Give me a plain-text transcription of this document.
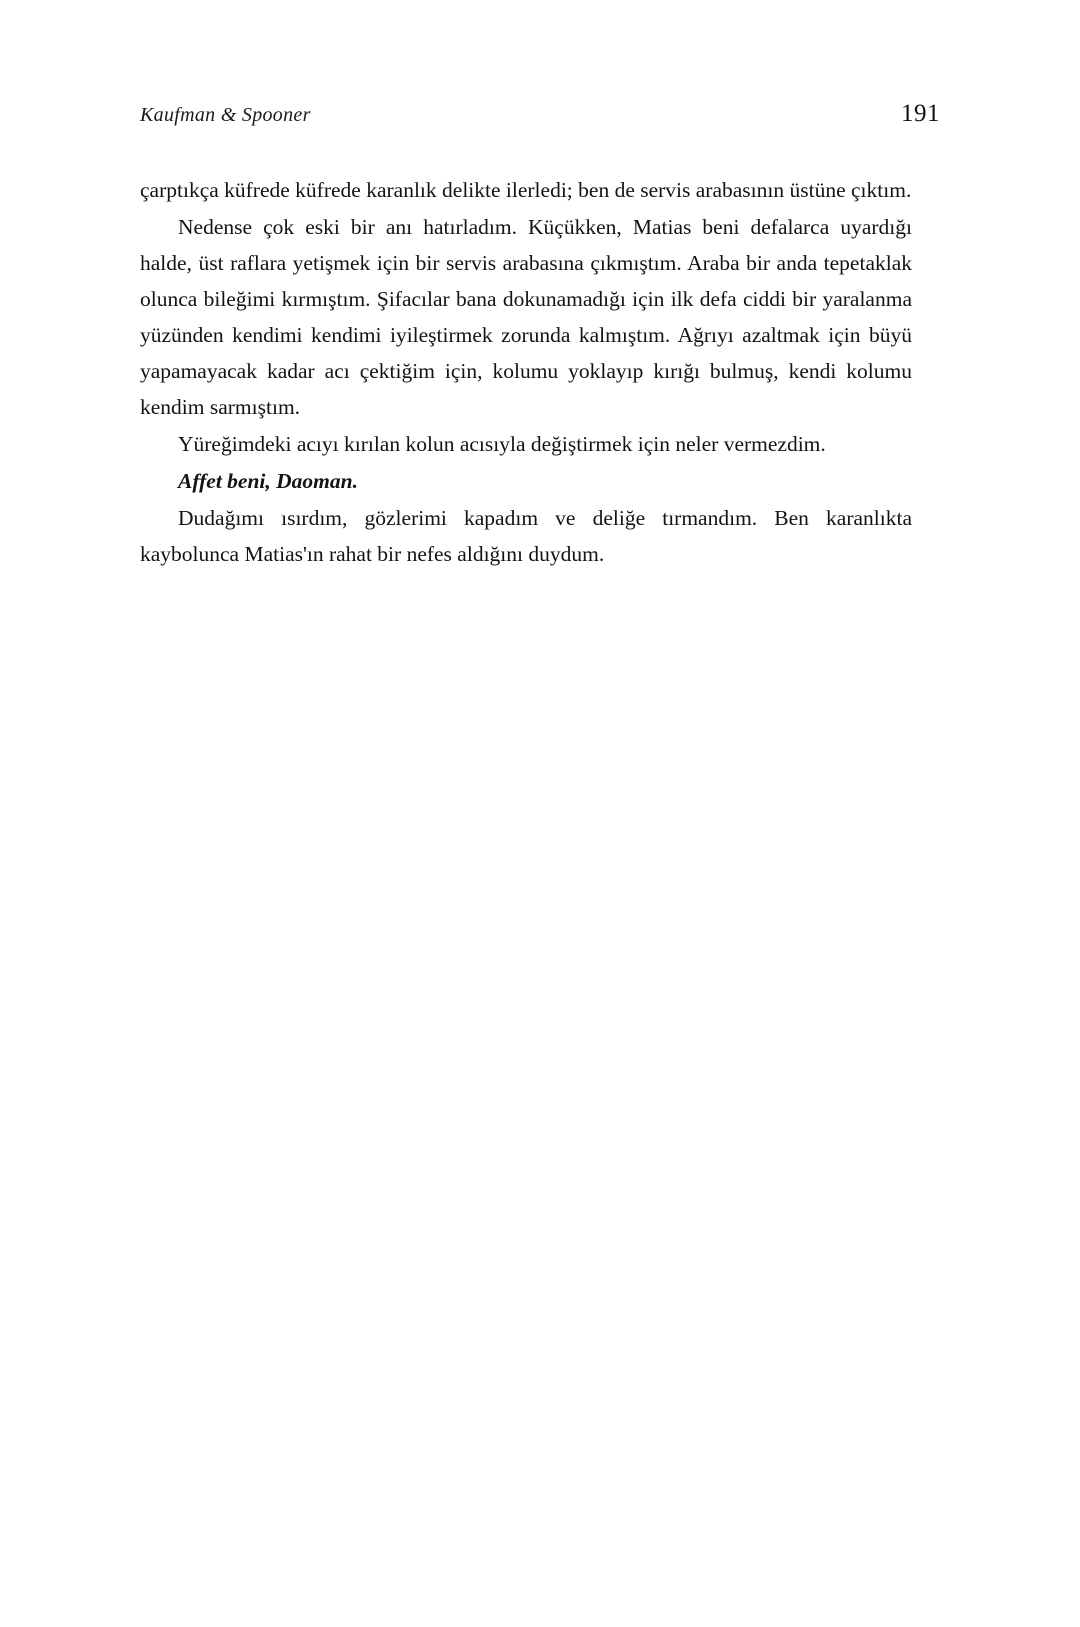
Kaufman & Spooner	191

çarptıkça küfrede küfrede karanlık delikte ilerledi; ben de servis arabasının üstüne çıktım.

Nedense çok eski bir anı hatırladım. Küçükken, Matias beni defalarca uyardığı halde, üst raflara yetişmek için bir servis arabasına çıkmıştım. Araba bir anda tepetaklak olunca bileğimi kırmıştım. Şifacılar bana dokunamadığı için ilk defa ciddi bir yaralanma yüzünden kendimi kendimi iyileştirmek zorunda kalmıştım. Ağrıyı azaltmak için büyü yapamayacak kadar acı çektiğim için, kolumu yoklayıp kırığı bulmuş, kendi kolumu kendim sarmıştım.

Yüreğimdeki acıyı kırılan kolun acısıyla değiştirmek için neler vermezdim.

Affet beni, Daoman.

Dudağımı ısırdım, gözlerimi kapadım ve deliğe tırmandım. Ben karanlıkta kaybolunca Matias'ın rahat bir nefes aldığını duydum.
